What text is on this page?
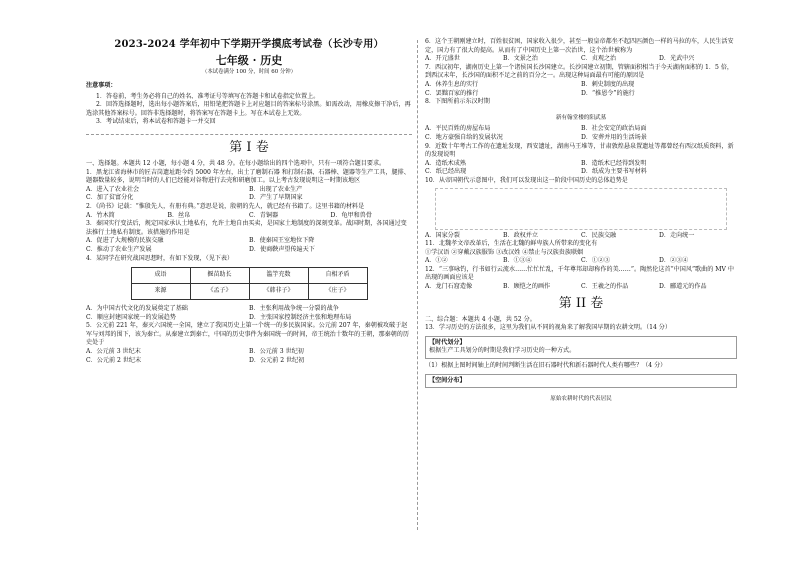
2023-2024 学年初中下学期开学摸底考试卷（长沙专用）
七年级 · 历史
（本试卷满分 100 分，时间 60 分钟）
注意事项：

1．答卷前，考生务必将自己的姓名、准考证号等填写在答题卡和试卷指定位置上。

2．回答选择题时，选出每小题答案后，用铅笔把答题卡上对应题目的答案标号涂黑。如需改动，用橡皮擦干净后，再选涂其他答案标号。回答非选择题时，将答案写在答题卡上。写在本试卷上无效。

3．考试结束后，将本试卷和答题卡一并交回

第 I 卷

一、选择题。本题共 12 小题，每小题 4 分，共 48 分。在每小题给出的四个选项中，只有一项符合题目要求。

1．黑龙江省海林市的匠吉岗遗址距今约 5000 年左右，出土了磨制石器 和打制石器、石器棒、题器等生产工具，腿排、题器数量较多，说明当时的人们已经能对谷物进行去壳和研磨加工。以上考古发现说明这一时期该地区

A．进入了农业社会	B．出现了农业生产
C．加了贫富分化	D．产生了早期国家

2．《尚书》记载：“惟殷先人，有册有典。”意思是说，殷朝的先人，就已经有书籍了。这里书籍的材料是

A．竹木简	B．丝帛	C．青铜器	D．龟甲和兽骨

3．秦国实行变法后，规定国家承认土地私有，允许土地自由买卖，是国家土地制度的深刻变革。战国时期，各国通过变法推行土地私有制度。该措施的作用是

A．促进了大规模的民族交融	B．使秦国王室地位下降
C．推动了农业生产发展	D．使商鞅声望传遍天下

4．某同学在研究战国思想时，有如下发现，（见下表）

成语	揠苗助长	滥竽充数	自相矛盾
来源	《孟子》	《韩非子》	《庄子》
A．为中国古代文化的发展奠定了基础	B．主张利用战争统一分裂的战争
C．顺应封建国家统一的发展趋势	D．主张国家控制经济主张和地理布局

5．公元前 221 年，秦灭六国统一全国，建立了我国历史上第一个统一的多民族国家。公元前 207 年，秦朝被攻破于赵军与刘邦的围下，该为秦亡。从秦建立到秦亡，中国的历史事件为秦国统一的时间，帝王统治十数年的王朝，那秦朝的历史处于

A．公元前 3 世纪末	B．公元前 3 世纪初
C．公元前 2 世纪末	D．公元前 2 世纪初

6．这个王朝刚建立时，百姓很贫困，国家收入很少，甚至一般皇帝都坐不起四匹颜色一样的马拉的车，人民生活安定，国力有了很大的提高。从而有了中国历史上第一次治世，这个治世被称为

A．开元盛世	B．文景之治	C．贞观之治	D．光武中兴

7．西汉初年，湖南历史上第一个诸侯国长沙国建立。长沙国建立初期，管辖面积相当于今天湖南面积的 1．5 倍，到西汉末年，长沙国的面积不足之前的百分之一。出现这种局面最有可能的原因是

A．休养生息的实行	B．刺史制度的出现
C．罢黜百家的推行	D．“推恩令”的施行

8．下图所前示东汉时期

新有翰堂楼的阳武墓
A．平民百姓的房屋布局	B．社会安定的政治局面
C．地方豪强自给的发展状况	D．安葬并用的生活场景

9．近数十年考古工作的在遗址发现，西安遗址，湖南马王堆等，甘肃敦煌悬泉置遗址等都曾经有西汉纸质资料，新的发现说明

A．造纸术成熟	B．造纸术已经得到发明
C．纸已经出现	D．纸成为主要书写材料

10．从帝国朝代示意图中，我们可以发现出这一阶段中国历史的总体趋势是

A．国家分裂	B．政权并立	C．民族交融	D．走向统一

11．北魏孝文帝改革后，生活在北魏的鲜卑族人所带来的变化有

①学汉语 ②穿戴汉族服饰 ③改汉姓 ④禁止与汉族贵族联姻

A．①②	B．①③④	C．①②③	D．②③④

12．“三事咏钓，行书如行云流水……忙忙忙乱，千年尊邦却却称作的美……”。陶然伦这首“中国风”歌曲的 MV 中出现的画面应该是

A．龙门石窟造像	B．顾恺之的画作	C．王羲之的作品	D．郦道元的作品
第 II 卷

二、综合题：本题共 4 小题，共 52 分。

13．学习历史的方法很多，这里为我们从不同的视角来了解我国早期的农耕文明。（14 分）

【时代划分】
根据生产工具划分的时期是我们学习历史的一种方式。

（1）根据上图时间轴上的时间判断生活在旧石器时代和新石器时代人类有哪些？（4 分）

【空间分布】
原始农耕时代的代表居民
